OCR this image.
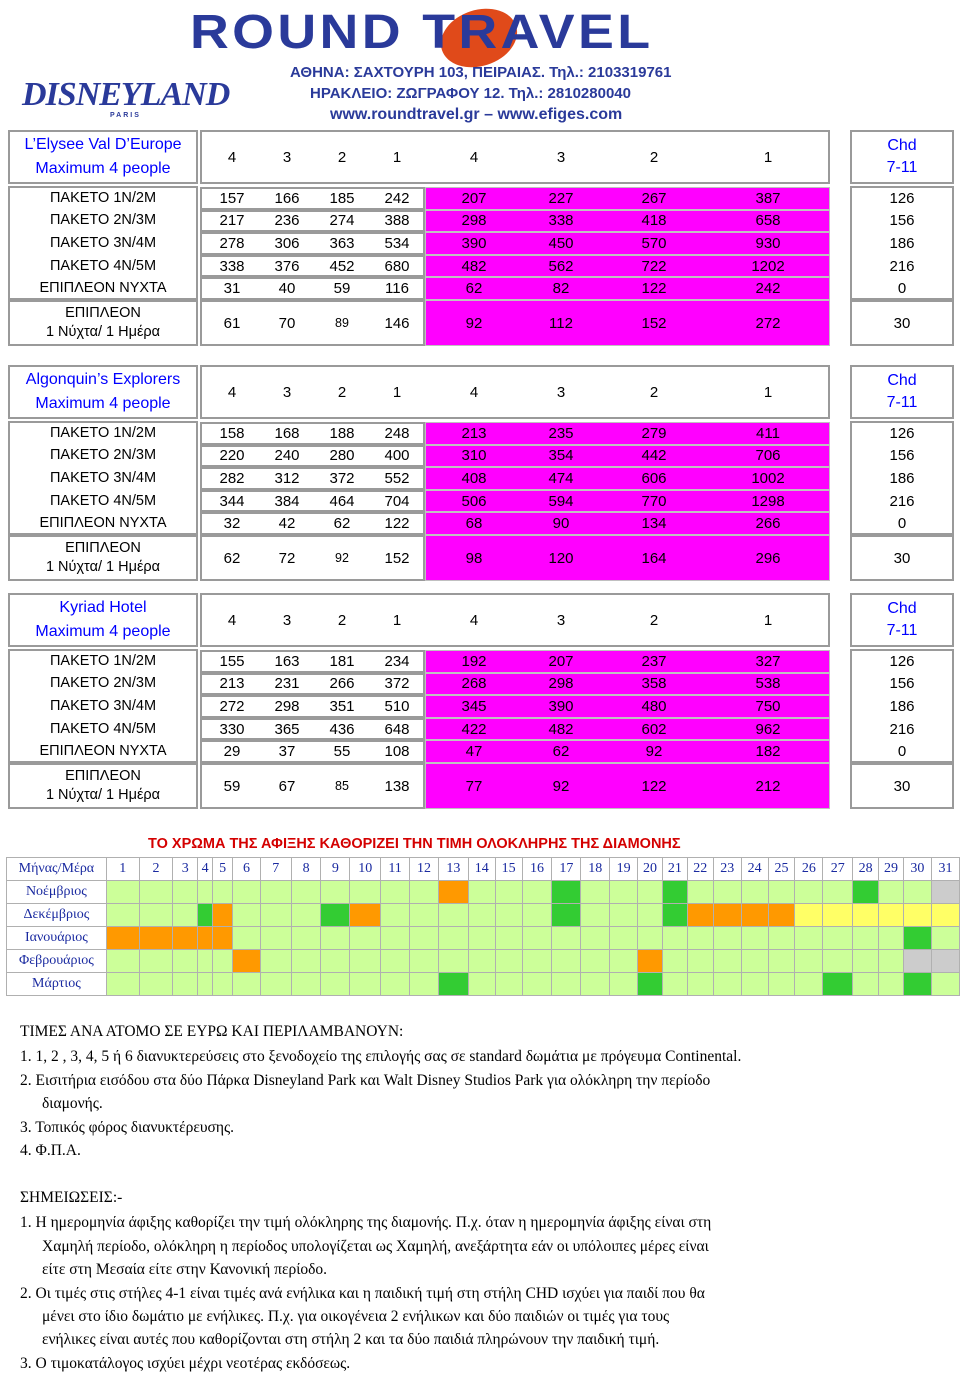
DISNEYLAND
PARIS
ROUND TRAVEL
ΑΘΗΝΑ: ΣΑΧΤΟΥΡΗ 103, ΠΕΙΡΑΙΑΣ. Τηλ.: 2103319761
ΗΡΑΚΛΕΙΟ: ΖΩΓΡΑΦΟΥ 12. Τηλ.: 2810280040
www.roundtravel.gr – www.efiges.com
L’Elysee Val D’Europe
Maximum 4 people
4	3	2	1	4	3	2	1
Chd
7-11
ΠΑΚΕΤΟ 1N/2M	157	166	185	242	207	227	267	387	126
ΠΑΚΕΤΟ 2N/3M	217	236	274	388	298	338	418	658	156
ΠΑΚΕΤΟ 3N/4M	278	306	363	534	390	450	570	930	186
ΠΑΚΕΤΟ 4N/5M	338	376	452	680	482	562	722	1202	216
ΕΠΙΠΛΕΟΝ ΝΥΧΤΑ	31	40	59	116	62	82	122	242	0
ΕΠΙΠΛΕΟΝ
1 Νύχτα/ 1 Ημέρα
61	70	89	146	92	112	152	272	30
Algonquin’s Explorers
Maximum 4 people
4	3	2	1	4	3	2	1
Chd
7-11
ΠΑΚΕΤΟ 1N/2M	158	168	188	248	213	235	279	411	126
ΠΑΚΕΤΟ 2N/3M	220	240	280	400	310	354	442	706	156
ΠΑΚΕΤΟ 3N/4M	282	312	372	552	408	474	606	1002	186
ΠΑΚΕΤΟ 4N/5M	344	384	464	704	506	594	770	1298	216
ΕΠΙΠΛΕΟΝ ΝΥΧΤΑ	32	42	62	122	68	90	134	266	0
ΕΠΙΠΛΕΟΝ
1 Νύχτα/ 1 Ημέρα
62	72	92	152	98	120	164	296	30
Kyriad Hotel
Maximum 4 people
4	3	2	1	4	3	2	1
Chd
7-11
ΠΑΚΕΤΟ 1N/2M	155	163	181	234	192	207	237	327	126
ΠΑΚΕΤΟ 2N/3M	213	231	266	372	268	298	358	538	156
ΠΑΚΕΤΟ 3N/4M	272	298	351	510	345	390	480	750	186
ΠΑΚΕΤΟ 4N/5M	330	365	436	648	422	482	602	962	216
ΕΠΙΠΛΕΟΝ ΝΥΧΤΑ	29	37	55	108	47	62	92	182	0
ΕΠΙΠΛΕΟΝ
1 Νύχτα/ 1 Ημέρα
59	67	85	138	77	92	122	212	30
ΤΟ ΧΡΩΜΑ ΤΗΣ ΑΦΙΞΗΣ ΚΑΘΟΡΙΖΕΙ ΤΗΝ ΤΙΜΗ ΟΛΟΚΛΗΡΗΣ ΤΗΣ ΔΙΑΜΟΝΗΣ
Μήνας/Μέρα	1	2	3	4	5	6	7	8	9	10	11	12	13	14	15	16	17	18	19	20	21	22	23	24	25	26	27	28	29	30	31
Νοέμβριος																															
Δεκέμβριος																															
Ιανουάριος																															
Φεβρουάριος																															
Μάρτιος																															

ΤΙΜΕΣ ΑΝΑ ΑΤΟΜΟ ΣΕ ΕΥΡΩ ΚΑΙ ΠΕΡΙΛΑΜΒΑΝΟΥΝ:

1. 1, 2 , 3, 4, 5 ή 6 διανυκτερεύσεις στο ξενοδοχείο της επιλογής σας σε standard δωμάτια με πρόγευμα Continental.

2. Εισιτήρια εισόδου στα δύο Πάρκα Disneyland Park και Walt Disney Studios Park για ολόκληρη την περίοδο

διαμονής.

3. Τοπικός φόρος διανυκτέρευσης.

4. Φ.Π.Α.

ΣΗΜΕΙΩΣΕΙΣ:-

1. Η ημερομηνία άφιξης καθορίζει την τιμή ολόκληρης της διαμονής. Π.χ. όταν η ημερομηνία άφιξης είναι στη

Χαμηλή περίοδο, ολόκληρη η περίοδος υπολογίζεται ως Χαμηλή, ανεξάρτητα εάν οι υπόλοιπες μέρες είναι

είτε στη Μεσαία είτε στην Κανονική περίοδο.

2. Οι τιμές στις στήλες 4-1 είναι τιμές ανά ενήλικα και η παιδική τιμή στη στήλη CHD ισχύει για παιδί που θα

μένει στο ίδιο δωμάτιο με ενήλικες. Π.χ. για οικογένεια 2 ενήλικων και δύο παιδιών οι τιμές για τους

ενήλικες είναι αυτές που καθορίζονται στη στήλη 2 και τα δύο παιδιά πληρώνουν την παιδική τιμή.

3. Ο τιμοκατάλογος ισχύει μέχρι νεοτέρας εκδόσεως.
